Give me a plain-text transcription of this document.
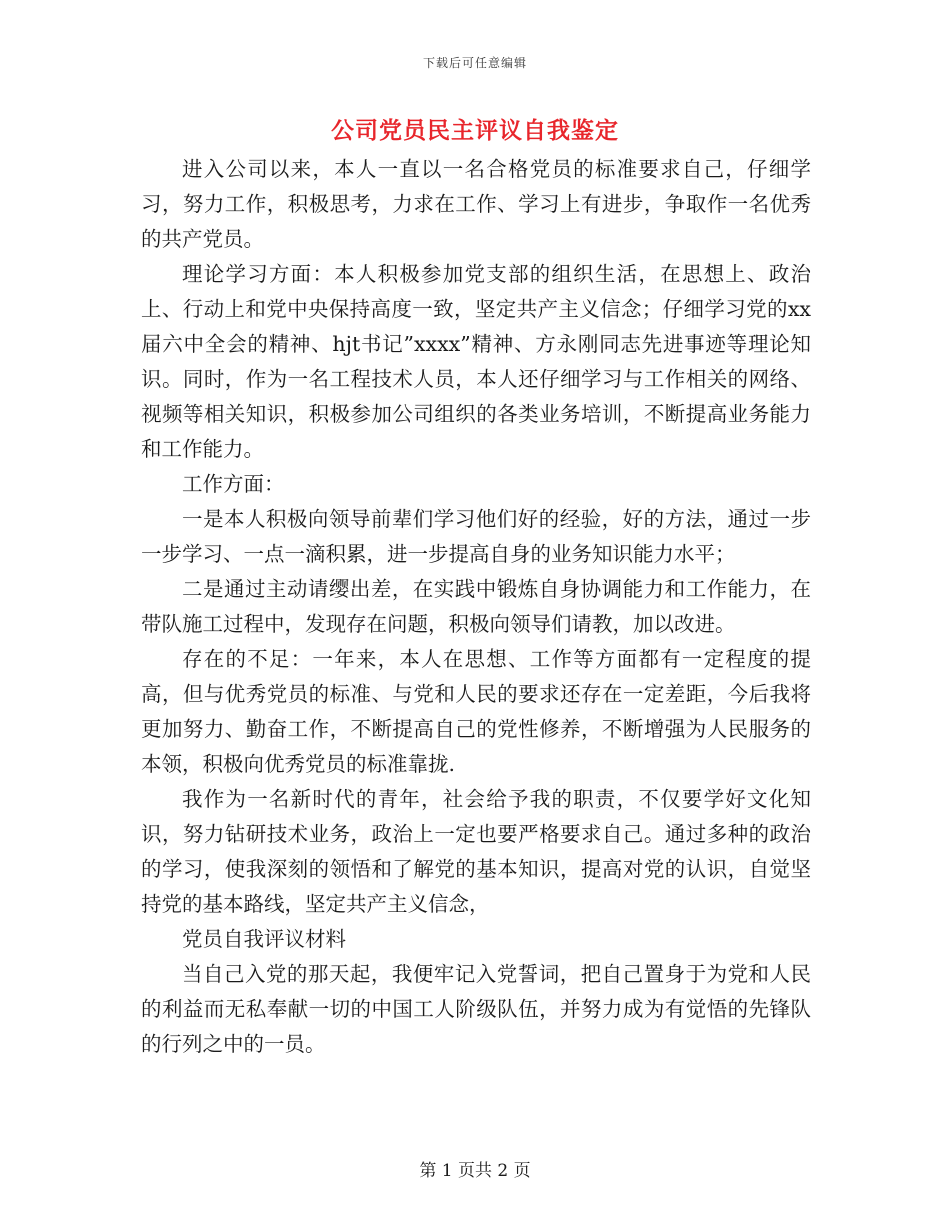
下载后可任意编辑
公司党员民主评议自我鉴定

进入公司以来，本人一直以一名合格党员的标准要求自己，仔细学习，努力工作，积极思考，力求在工作、学习上有进步，争取作一名优秀的共产党员。

理论学习方面：本人积极参加党支部的组织生活，在思想上、政治上、行动上和党中央保持高度一致，坚定共产主义信念；仔细学习党的xx届六中全会的精神、hjt书记”xxxx”精神、方永刚同志先进事迹等理论知识。同时，作为一名工程技术人员，本人还仔细学习与工作相关的网络、视频等相关知识，积极参加公司组织的各类业务培训，不断提高业务能力和工作能力。

工作方面：

一是本人积极向领导前辈们学习他们好的经验，好的方法，通过一步一步学习、一点一滴积累，进一步提高自身的业务知识能力水平；

二是通过主动请缨出差，在实践中锻炼自身协调能力和工作能力，在带队施工过程中，发现存在问题，积极向领导们请教，加以改进。

存在的不足：一年来，本人在思想、工作等方面都有一定程度的提高，但与优秀党员的标准、与党和人民的要求还存在一定差距，今后我将更加努力、勤奋工作，不断提高自己的党性修养，不断增强为人民服务的本领，积极向优秀党员的标准靠拢.

我作为一名新时代的青年，社会给予我的职责，不仅要学好文化知识，努力钻研技术业务，政治上一定也要严格要求自己。通过多种的政治的学习，使我深刻的领悟和了解党的基本知识，提高对党的认识，自觉坚持党的基本路线，坚定共产主义信念，

党员自我评议材料

当自己入党的那天起，我便牢记入党誓词，把自己置身于为党和人民的利益而无私奉献一切的中国工人阶级队伍，并努力成为有觉悟的先锋队的行列之中的一员。

第 1 页共 2 页
